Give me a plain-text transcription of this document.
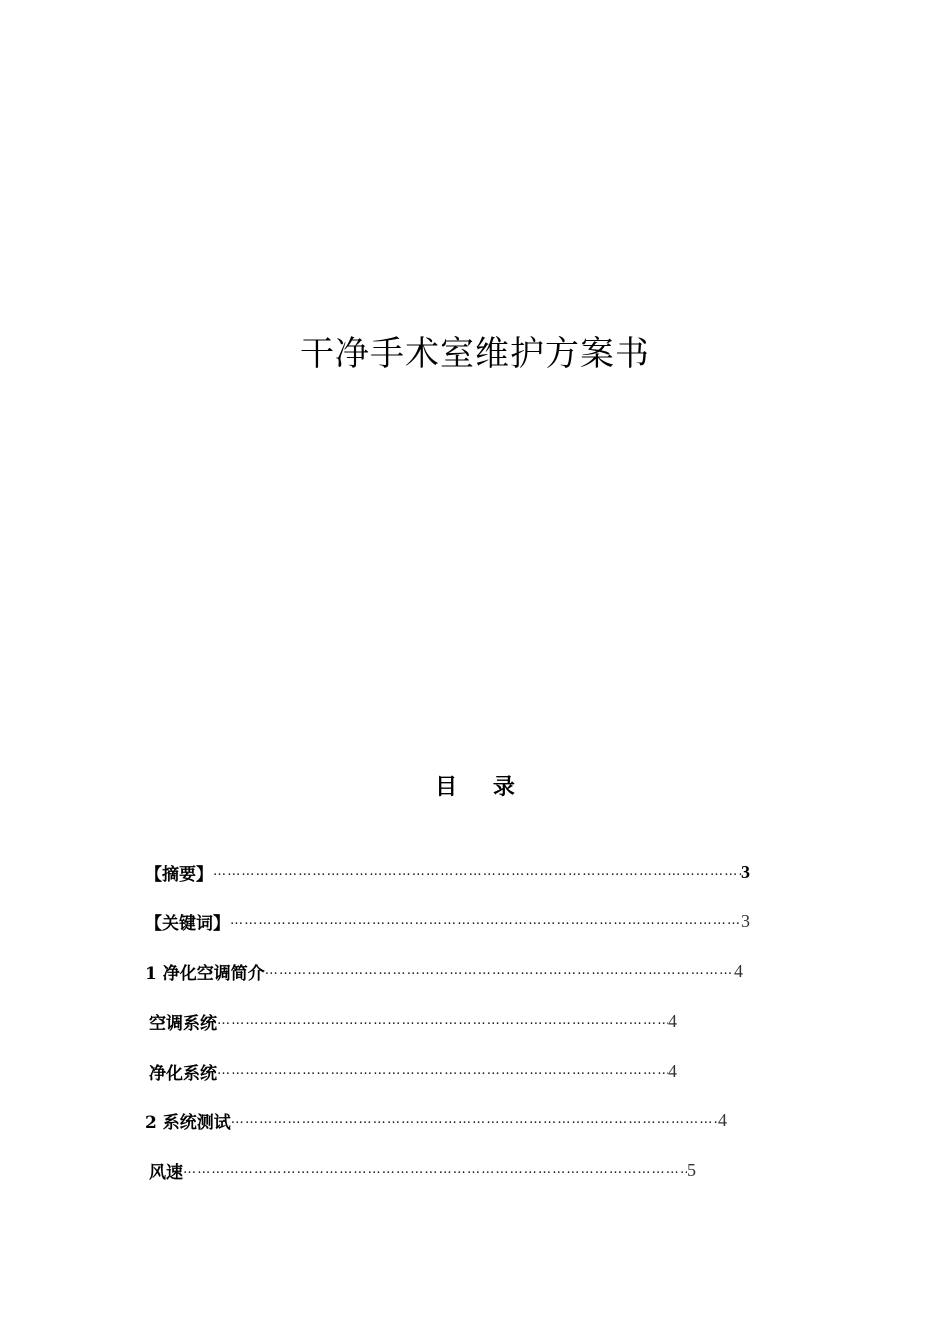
干净手术室维护方案书
目 录
【摘要】 …………………………………………………………………………………………………………………………………………………………………	3
【关键词】 …………………………………………………………………………………………………………………………………………………………………	3
1 净化空调简介 …………………………………………………………………………………………………………………………………………………………………	4
空调系统 …………………………………………………………………………………………………………………………………………………………………	4
净化系统 …………………………………………………………………………………………………………………………………………………………………	4
2 系统测试 …………………………………………………………………………………………………………………………………………………………………	4
风速 …………………………………………………………………………………………………………………………………………………………………	5
